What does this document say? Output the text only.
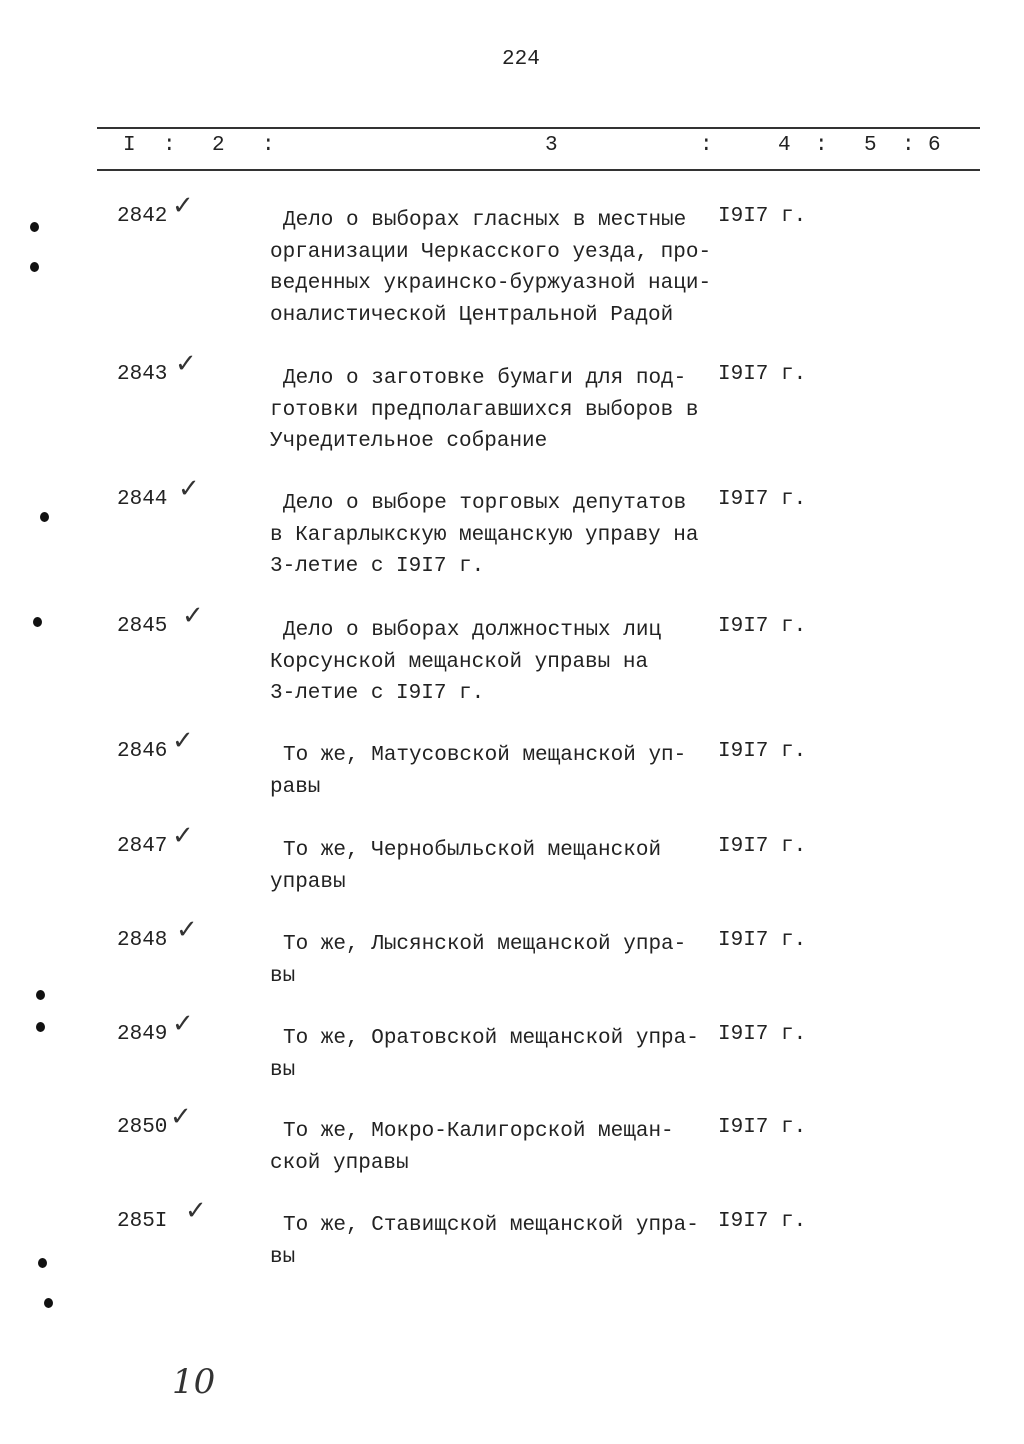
224
I : 2 :	3	:	4 : 5 : 6
2842 ✓	Дело о выборах гласных в местные
организации Черкасского уезда, про-
веденных украинско-буржуазной наци-
оналистической Центральной Радой
I9I7 г.
2843 ✓	Дело о заготовке бумаги для под-
готовки предполагавшихся выборов в
Учредительное собрание
I9I7 г.
2844 ✓	Дело о выборе торговых депутатов
в Кагарлыкскую мещанскую управу на
3-летие с I9I7 г.
I9I7 г.
2845 ✓	Дело о выборах должностных лиц
Корсунской мещанской управы на
3-летие с I9I7 г.
I9I7 г.
2846 ✓	То же, Матусовской мещанской уп-
равы
I9I7 г.
2847 ✓	То же, Чернобыльской мещанской
управы
I9I7 г.
2848 ✓	То же, Лысянской мещанской упра-
вы
I9I7 г.
2849 ✓	То же, Оратовской мещанской упра-
вы
I9I7 г.
2850 ✓	То же, Мокро-Калигорской мещан-
ской управы
I9I7 г.
285I ✓	То же, Ставищской мещанской упра-
вы
I9I7 г.
10
